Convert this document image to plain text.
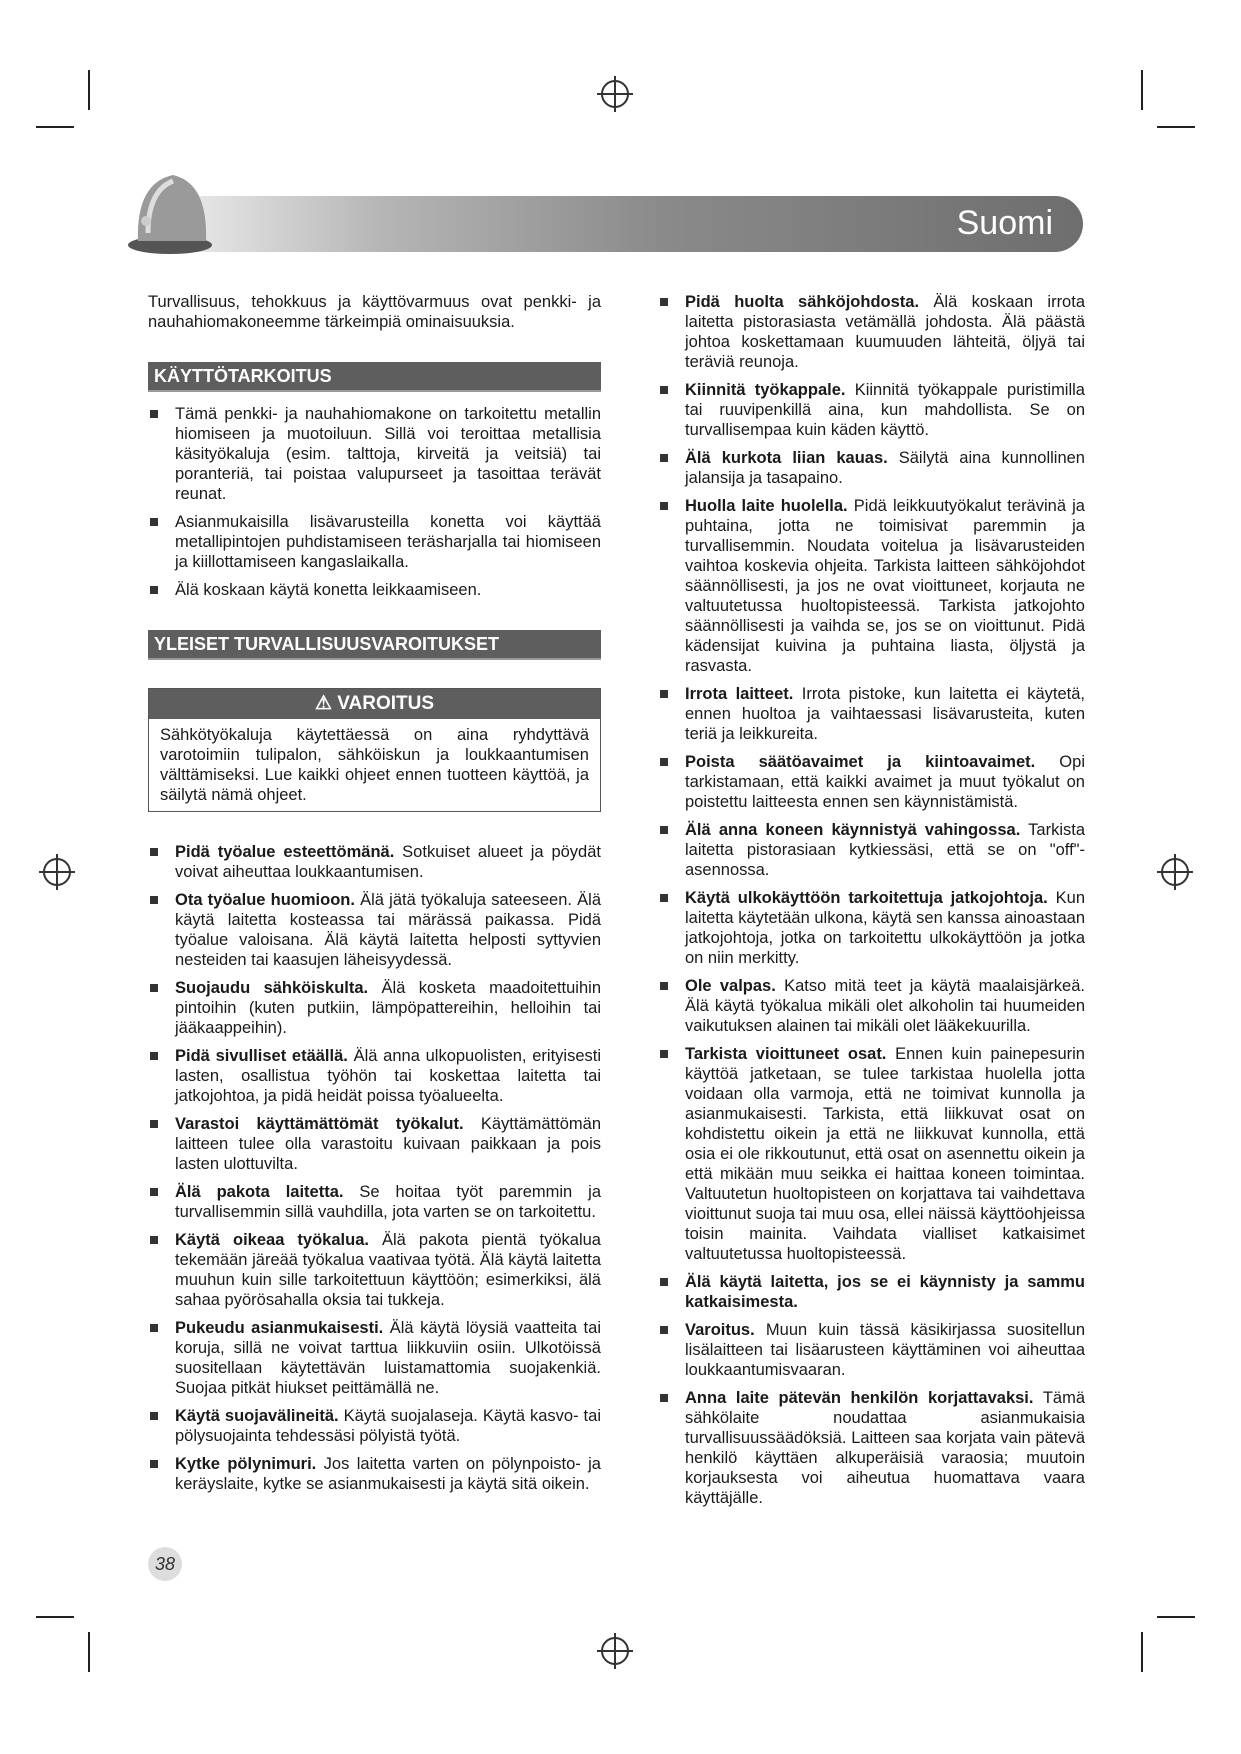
Suomi
Turvallisuus, tehokkuus ja käyttövarmuus ovat penkki- ja nauhahiomakoneemme tärkeimpiä ominaisuuksia.
KÄYTTÖTARKOITUS
Tämä penkki- ja nauhahiomakone on tarkoitettu metallin hiomiseen ja muotoiluun. Sillä voi teroittaa metallisia käsityökaluja (esim. talttoja, kirveitä ja veitsiä) tai poranteriä, tai poistaa valupurseet ja tasoittaa terävät reunat.
Asianmukaisilla lisävarusteilla konetta voi käyttää metallipintojen puhdistamiseen teräsharjalla tai hiomiseen ja kiillottamiseen kangaslaikalla.
Älä koskaan käytä konetta leikkaamiseen.
YLEISET TURVALLISUUSVAROITUKSET
⚠ VAROITUS
Sähkötyökaluja käytettäessä on aina ryhdyttävä varotoimiin tulipalon, sähköiskun ja loukkaantumisen välttämiseksi. Lue kaikki ohjeet ennen tuotteen käyttöä, ja säilytä nämä ohjeet.
Pidä työalue esteettömänä. Sotkuiset alueet ja pöydät voivat aiheuttaa loukkaantumisen.
Ota työalue huomioon. Älä jätä työkaluja sateeseen. Älä käytä laitetta kosteassa tai märässä paikassa. Pidä työalue valoisana. Älä käytä laitetta helposti syttyvien nesteiden tai kaasujen läheisyydessä.
Suojaudu sähköiskulta. Älä kosketa maadoitettuihin pintoihin (kuten putkiin, lämpöpattereihin, helloihin tai jääkaappeihin).
Pidä sivulliset etäällä. Älä anna ulkopuolisten, erityisesti lasten, osallistua työhön tai koskettaa laitetta tai jatkojohtoa, ja pidä heidät poissa työalueelta.
Varastoi käyttämättömät työkalut. Käyttämättömän laitteen tulee olla varastoitu kuivaan paikkaan ja pois lasten ulottuvilta.
Älä pakota laitetta. Se hoitaa työt paremmin ja turvallisemmin sillä vauhdilla, jota varten se on tarkoitettu.
Käytä oikeaa työkalua. Älä pakota pientä työkalua tekemään järeää työkalua vaativaa työtä. Älä käytä laitetta muuhun kuin sille tarkoitettuun käyttöön; esimerkiksi, älä sahaa pyörösahalla oksia tai tukkeja.
Pukeudu asianmukaisesti. Älä käytä löysiä vaatteita tai koruja, sillä ne voivat tarttua liikkuviin osiin. Ulkotöissä suositellaan käytettävän luistamattomia suojakenkiä. Suojaa pitkät hiukset peittämällä ne.
Käytä suojavälineitä. Käytä suojalaseja. Käytä kasvo- tai pölysuojainta tehdessäsi pölyistä työtä.
Kytke pölynimuri. Jos laitetta varten on pölynpoisto- ja keräyslaite, kytke se asianmukaisesti ja käytä sitä oikein.
Pidä huolta sähköjohdosta. Älä koskaan irrota laitetta pistorasiasta vetämällä johdosta. Älä päästä johtoa koskettamaan kuumuuden lähteitä, öljyä tai teräviä reunoja.
Kiinnitä työkappale. Kiinnitä työkappale puristimilla tai ruuvipenkillä aina, kun mahdollista. Se on turvallisempaa kuin käden käyttö.
Älä kurkota liian kauas. Säilytä aina kunnollinen jalansija ja tasapaino.
Huolla laite huolella. Pidä leikkuutyökalut terävinä ja puhtaina, jotta ne toimisivat paremmin ja turvallisemmin. Noudata voitelua ja lisävarusteiden vaihtoa koskevia ohjeita. Tarkista laitteen sähköjohdot säännöllisesti, ja jos ne ovat vioittuneet, korjauta ne valtuutetussa huoltopisteessä. Tarkista jatkojohto säännöllisesti ja vaihda se, jos se on vioittunut. Pidä kädensijat kuivina ja puhtaina liasta, öljystä ja rasvasta.
Irrota laitteet. Irrota pistoke, kun laitetta ei käytetä, ennen huoltoa ja vaihtaessasi lisävarusteita, kuten teriä ja leikkureita.
Poista säätöavaimet ja kiintoavaimet. Opi tarkistamaan, että kaikki avaimet ja muut työkalut on poistettu laitteesta ennen sen käynnistämistä.
Älä anna koneen käynnistyä vahingossa. Tarkista laitetta pistorasiaan kytkiessäsi, että se on "off"-asennossa.
Käytä ulkokäyttöön tarkoitettuja jatkojohtoja. Kun laitetta käytetään ulkona, käytä sen kanssa ainoastaan jatkojohtoja, jotka on tarkoitettu ulkokäyttöön ja jotka on niin merkitty.
Ole valpas. Katso mitä teet ja käytä maalaisjärkeä. Älä käytä työkalua mikäli olet alkoholin tai huumeiden vaikutuksen alainen tai mikäli olet lääkekuurilla.
Tarkista vioittuneet osat. Ennen kuin painepesurin käyttöä jatketaan, se tulee tarkistaa huolella jotta voidaan olla varmoja, että ne toimivat kunnolla ja asianmukaisesti. Tarkista, että liikkuvat osat on kohdistettu oikein ja että ne liikkuvat kunnolla, että osia ei ole rikkoutunut, että osat on asennettu oikein ja että mikään muu seikka ei haittaa koneen toimintaa. Valtuutetun huoltopisteen on korjattava tai vaihdettava vioittunut suoja tai muu osa, ellei näissä käyttöohjeissa toisin mainita. Vaihdata vialliset katkaisimet valtuutetussa huoltopisteessä.
Älä käytä laitetta, jos se ei käynnisty ja sammu katkaisimesta.
Varoitus. Muun kuin tässä käsikirjassa suositellun lisälaitteen tai lisäarusteen käyttäminen voi aiheuttaa loukkaantumisvaaran.
Anna laite pätevän henkilön korjattavaksi. Tämä sähkölaite noudattaa asianmukaisia turvallisuussäädöksiä. Laitteen saa korjata vain pätevä henkilö käyttäen alkuperäisiä varaosia; muutoin korjauksesta voi aiheutua huomattava vaara käyttäjälle.
38
